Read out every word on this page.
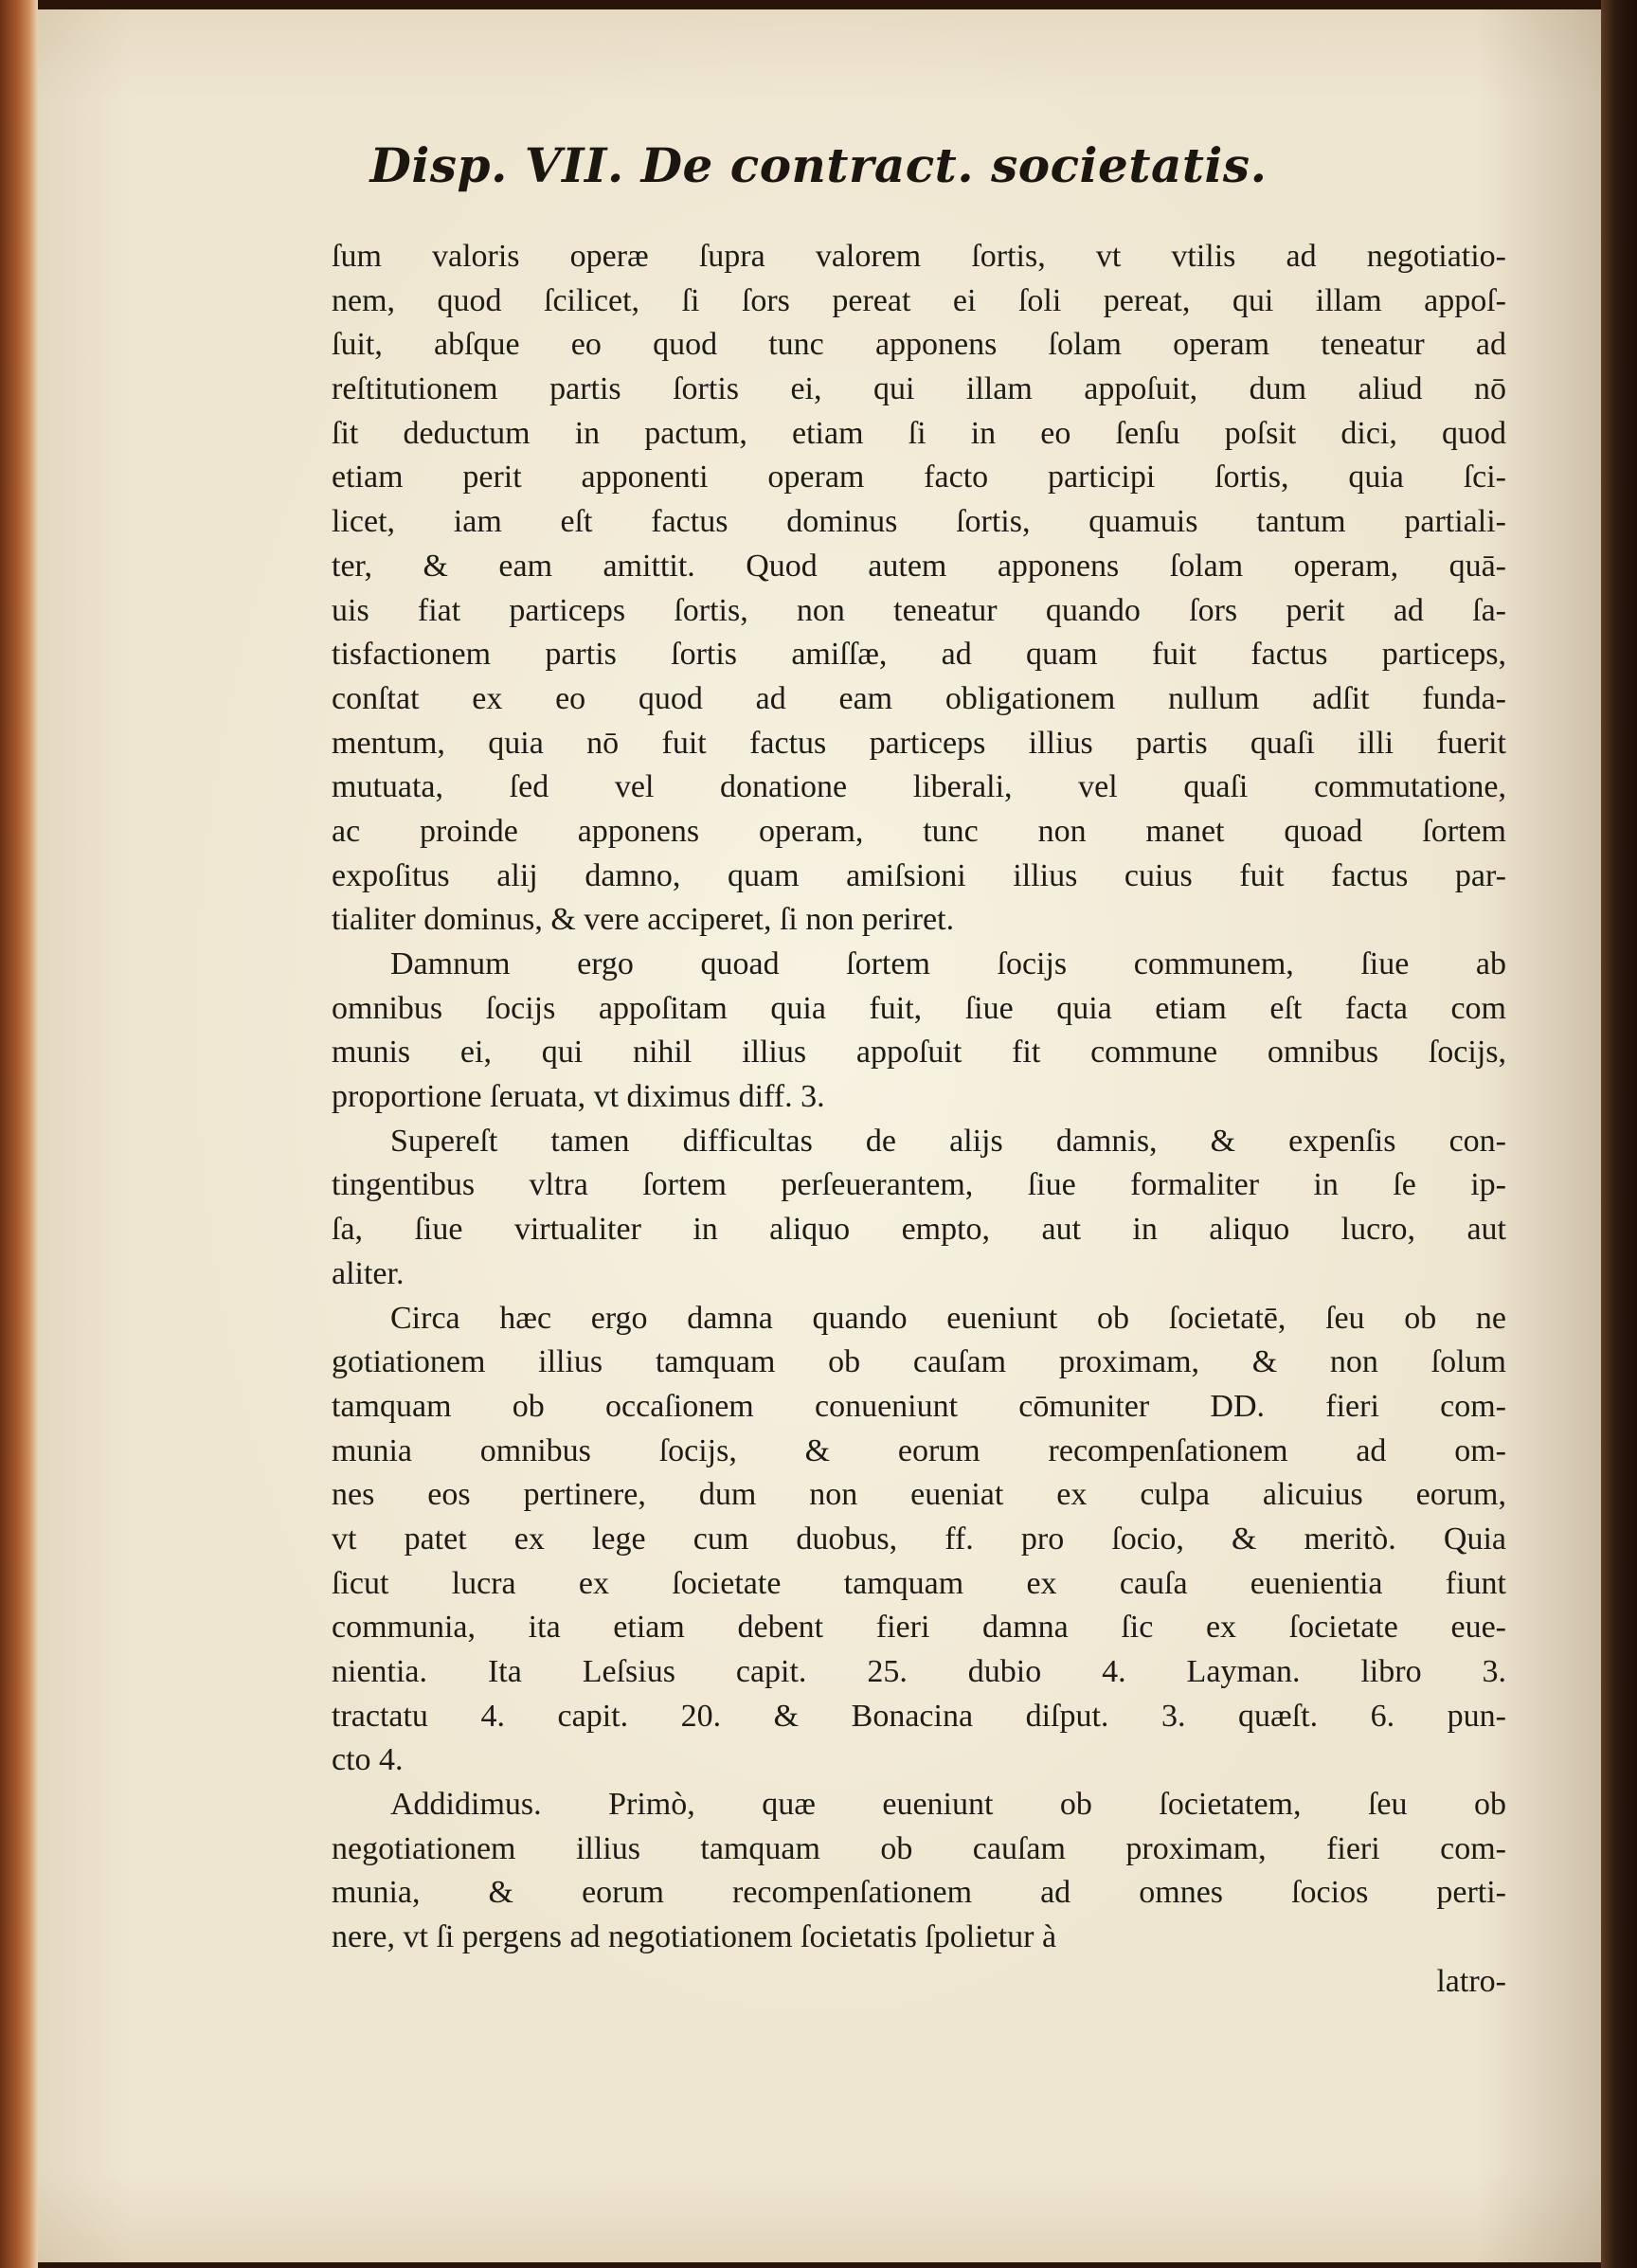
Disp. VII. De contract. societatis.
ſum valoris operæ ſupra valorem ſortis, vt vtilis ad negotiatio-
nem, quod ſcilicet, ſi ſors pereat ei ſoli pereat, qui illam appoſ-
ſuit, abſque eo quod tunc apponens ſolam operam teneatur ad
reſtitutionem partis ſortis ei, qui illam appoſuit, dum aliud nō
ſit deductum in pactum, etiam ſi in eo ſenſu poſsit dici, quod
etiam perit apponenti operam facto participi ſortis, quia ſci-
licet, iam eſt factus dominus ſortis, quamuis tantum partiali-
ter, & eam amittit. Quod autem apponens ſolam operam, quā-
uis fiat particeps ſortis, non teneatur quando ſors perit ad ſa-
tisfactionem partis ſortis amiſſæ, ad quam fuit factus particeps,
conſtat ex eo quod ad eam obligationem nullum adſit funda-
mentum, quia nō fuit factus particeps illius partis quaſi illi fuerit
mutuata, ſed vel donatione liberali, vel quaſi commutatione,
ac proinde apponens operam, tunc non manet quoad ſortem
expoſitus alij damno, quam amiſsioni illius cuius fuit factus par-
tialiter dominus, & vere acciperet, ſi non periret.
Damnum ergo quoad ſortem ſocijs communem, ſiue ab
omnibus ſocijs appoſitam quia fuit, ſiue quia etiam eſt facta com
munis ei, qui nihil illius appoſuit fit commune omnibus ſocijs,
proportione ſeruata, vt diximus diff. 3.
Supereſt tamen difficultas de alijs damnis, & expenſis con-
tingentibus vltra ſortem perſeuerantem, ſiue formaliter in ſe ip-
ſa, ſiue virtualiter in aliquo empto, aut in aliquo lucro, aut
aliter.
Circa hæc ergo damna quando eueniunt ob ſocietatē, ſeu ob ne
gotiationem illius tamquam ob cauſam proximam, & non ſolum
tamquam ob occaſionem conueniunt cōmuniter DD. fieri com-
munia omnibus ſocijs, & eorum recompenſationem ad om-
nes eos pertinere, dum non eueniat ex culpa alicuius eorum,
vt patet ex lege cum duobus, ff. pro ſocio, & meritò. Quia
ſicut lucra ex ſocietate tamquam ex cauſa euenientia fiunt
communia, ita etiam debent fieri damna ſic ex ſocietate eue-
nientia. Ita Leſsius capit. 25. dubio 4. Layman. libro 3.
tractatu 4. capit. 20. & Bonacina diſput. 3. quæſt. 6. pun-
cto 4.
Addidimus. Primò, quæ eueniunt ob ſocietatem, ſeu ob
negotiationem illius tamquam ob cauſam proximam, fieri com-
munia, & eorum recompenſationem ad omnes ſocios perti-
nere, vt ſi pergens ad negotiationem ſocietatis ſpolietur à
latro-
